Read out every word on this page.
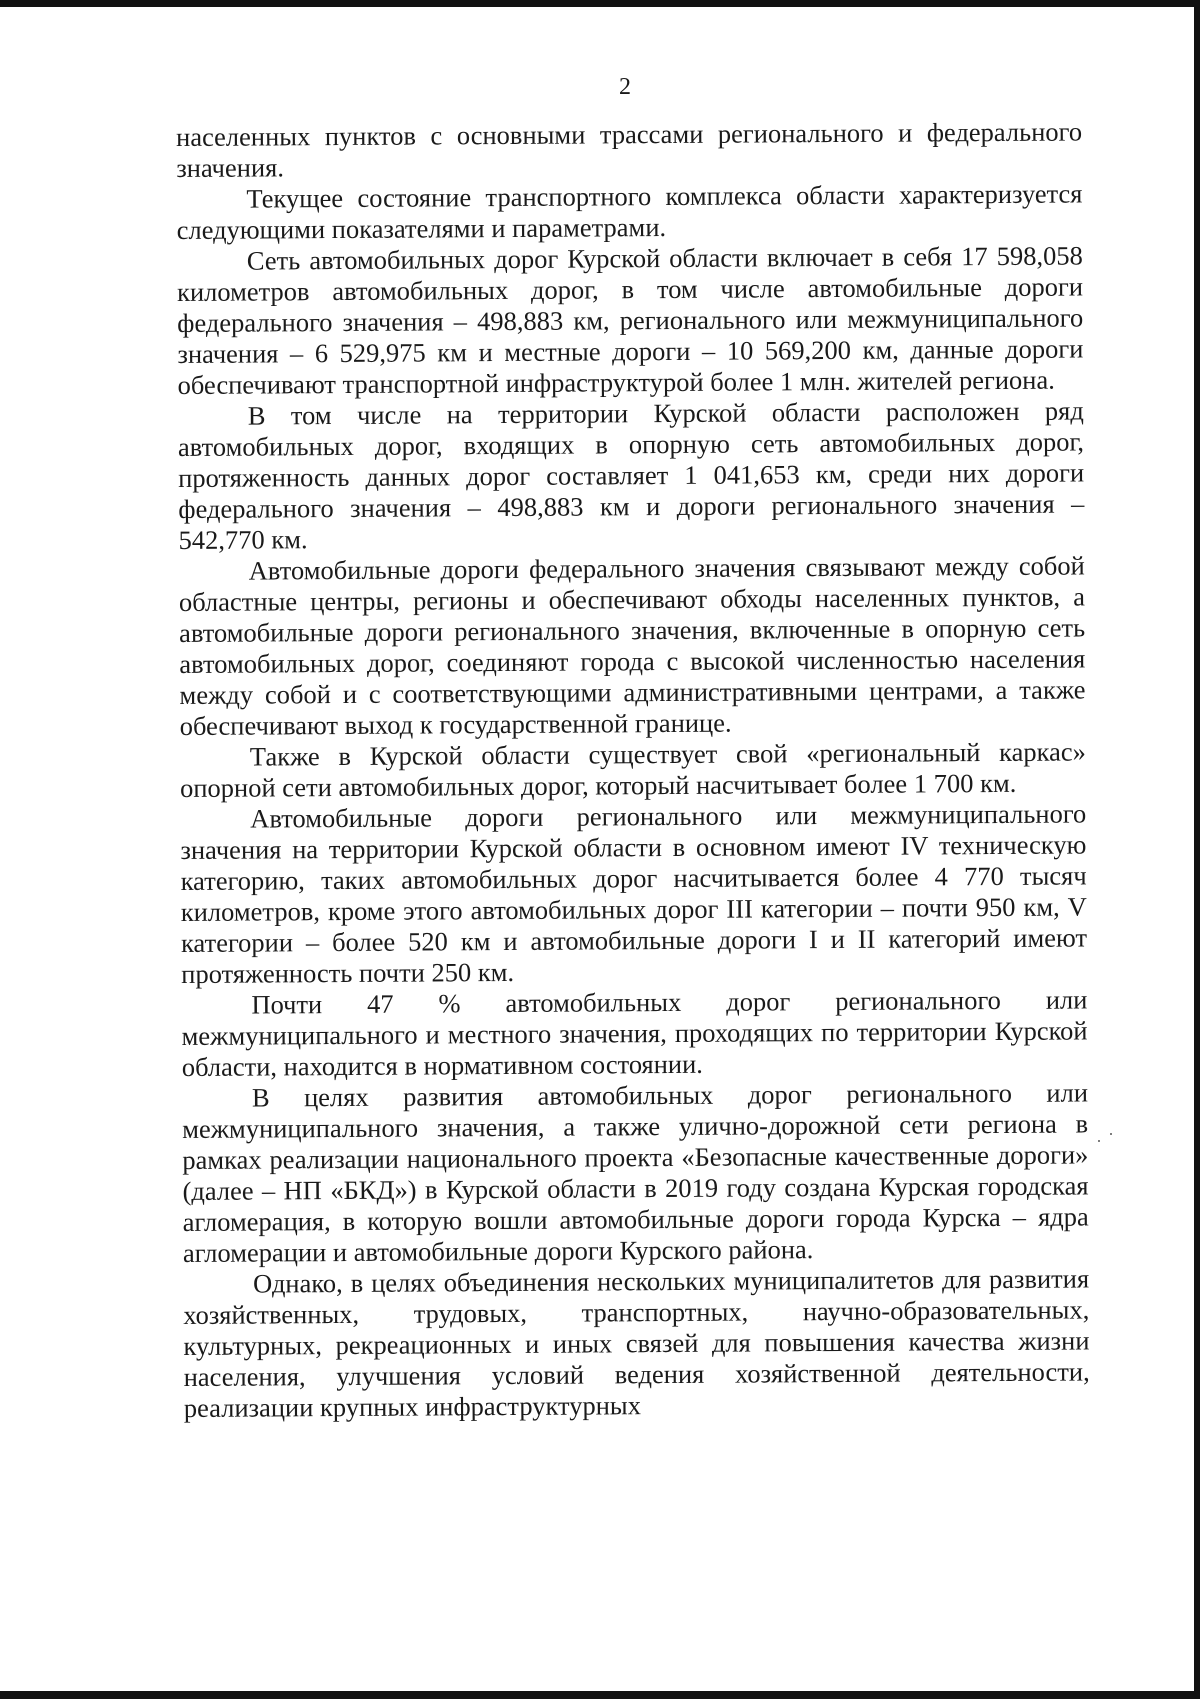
2

населенных пунктов с основными трассами регионального и федерального значения.

Текущее состояние транспортного комплекса области характеризуется следующими показателями и параметрами.

Сеть автомобильных дорог Курской области включает в себя 17 598,058 километров автомобильных дорог, в том числе автомобильные дороги федерального значения – 498,883 км, регионального или межмуниципального значения – 6 529,975 км и местные дороги – 10 569,200 км, данные дороги обеспечивают транспортной инфраструктурой более 1 млн. жителей региона.

В том числе на территории Курской области расположен ряд автомобильных дорог, входящих в опорную сеть автомобильных дорог, протяженность данных дорог составляет 1 041,653 км, среди них дороги федерального значения – 498,883 км и дороги регионального значения – 542,770 км.

Автомобильные дороги федерального значения связывают между собой областные центры, регионы и обеспечивают обходы населенных пунктов, а автомобильные дороги регионального значения, включенные в опорную сеть автомобильных дорог, соединяют города с высокой численностью населения между собой и с соответствующими административными центрами, а также обеспечивают выход к государственной границе.

Также в Курской области существует свой «региональный каркас» опорной сети автомобильных дорог, который насчитывает более 1 700 км.

Автомобильные дороги регионального или межмуниципального значения на территории Курской области в основном имеют IV техническую категорию, таких автомобильных дорог насчитывается более 4 770 тысяч километров, кроме этого автомобильных дорог III категории – почти 950 км, V категории – более 520 км и автомобильные дороги I и II категорий имеют протяженность почти 250 км.

Почти 47 % автомобильных дорог регионального или межмуниципального и местного значения, проходящих по территории Курской области, находится в нормативном состоянии.

В целях развития автомобильных дорог регионального или межмуниципального значения, а также улично-дорожной сети региона в рамках реализации национального проекта «Безопасные качественные дороги» (далее – НП «БКД») в Курской области в 2019 году создана Курская городская агломерация, в которую вошли автомобильные дороги города Курска – ядра агломерации и автомобильные дороги Курского района.

Однако, в целях объединения нескольких муниципалитетов для развития хозяйственных, трудовых, транспортных, научно-образовательных, культурных, рекреационных и иных связей для повышения качества жизни населения, улучшения условий ведения хозяйственной деятельности, реализации крупных инфраструктурных
